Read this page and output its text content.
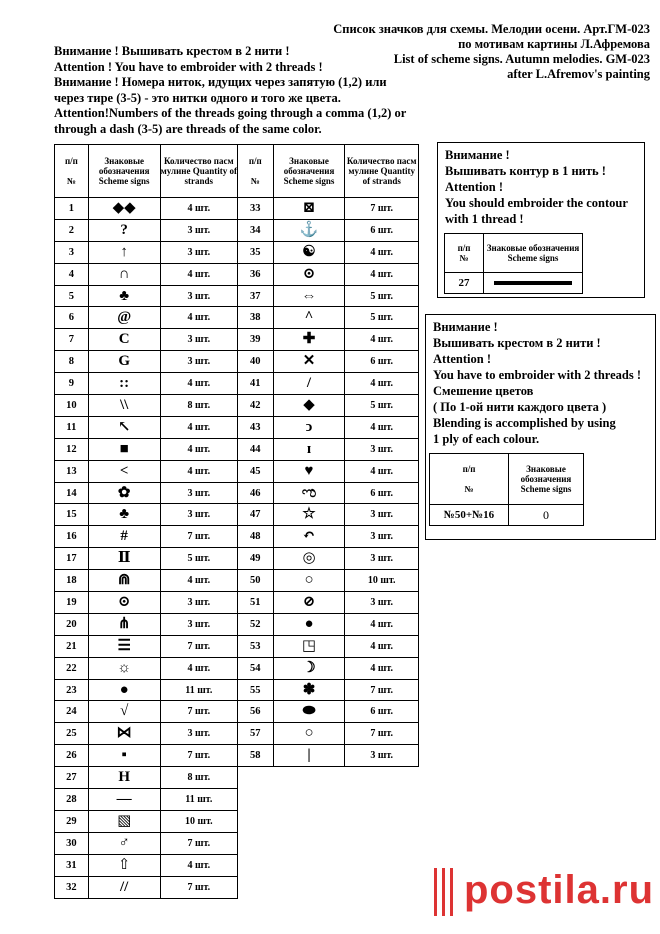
Список значков для схемы. Мелодии осени. Арт.ГМ-023
по мотивам картины Л.Афремова
List of scheme signs. Autumn melodies. GM-023
after L.Afremov's painting
Внимание ! Вышивать крестом в 2 нити !
Attention ! You have to embroider with 2 threads !
Внимание ! Номера ниток, идущих через запятую (1,2) или
через тире (3-5) - это нитки одного и того же цвета.
Attention!Numbers of the threads going through a comma (1,2) or
through a dash (3-5) are threads of the same color.
п/п

№	Знаковые обозначения Scheme signs	Количество пасм мулине Quantity of strands
1	◆◆	4 шт.
2	?	3 шт.
3	↑	3 шт.
4	∩	4 шт.
5	♣	3 шт.
6	@	4 шт.
7	C	3 шт.
8	G	3 шт.
9	::	4 шт.
10	\\	8 шт.
11	↖	4 шт.
12	■	4 шт.
13	<	4 шт.
14	✿	3 шт.
15	♣	3 шт.
16	#	7 шт.
17	Ⅱ	5 шт.
18	⋒	4 шт.
19	⊙	3 шт.
20	⋔	3 шт.
21	☰	7 шт.
22	☼	4 шт.
23	●	11 шт.
24	√	7 шт.
25	⋈	3 шт.
26	▪	7 шт.
27	H	8 шт.
28	—	11 шт.
29	▧	10 шт.
30	♂	7 шт.
31	⇧	4 шт.
32	//	7 шт.
п/п

№	Знаковые обозначения Scheme signs	Количество пасм мулине Quantity of strands
33	⊠	7 шт.
34	⚓	6 шт.
35	☯	4 шт.
36	⊙	4 шт.
37	⇔	5 шт.
38	^	5 шт.
39	✚	4 шт.
40	✕	6 шт.
41	/	4 шт.
42	◆	5 шт.
43	ↄ	4 шт.
44	ɪ	3 шт.
45	♥	4 шт.
46	ಌ	6 шт.
47	☆	3 шт.
48	↶	3 шт.
49	◎	3 шт.
50	○	10 шт.
51	⊘	3 шт.
52	●	4 шт.
53	◳	4 шт.
54	☽	4 шт.
55	✽	7 шт.
56	⬬	6 шт.
57	○	7 шт.
58	|	3 шт.
Внимание !
Вышивать контур в 1 нить !
Attention !
You should embroider the contour
with 1 thread !
п/п
№	Знаковые обозначения Scheme signs
27	
Внимание !
Вышивать крестом в 2 нити !
Attention !
You have to embroider with 2 threads !
Смешение цветов
( По 1-ой нити каждого цвета )
Blending is accomplished by using
1 ply of each colour.
п/п

№	Знаковые обозначения Scheme signs
№50+№16	0
postila.ru
